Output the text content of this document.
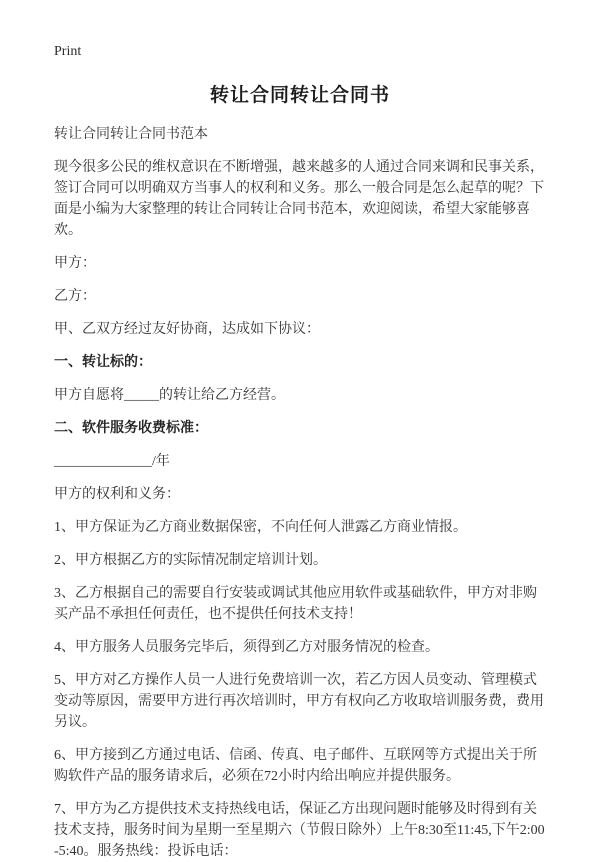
Print
转让合同转让合同书

转让合同转让合同书范本

现今很多公民的维权意识在不断增强，越来越多的人通过合同来调和民事关系，签订合同可以明确双方当事人的权利和义务。那么一般合同是怎么起草的呢？下面是小编为大家整理的转让合同转让合同书范本，欢迎阅读，希望大家能够喜欢。

甲方：

乙方：

甲、乙双方经过友好协商，达成如下协议：

一、转让标的：

甲方自愿将_____的转让给乙方经营。

二、软件服务收费标准：

______________/年

甲方的权利和义务：

1、甲方保证为乙方商业数据保密，不向任何人泄露乙方商业情报。

2、甲方根据乙方的实际情况制定培训计划。

3、乙方根据自己的需要自行安装或调试其他应用软件或基础软件，甲方对非购买产品不承担任何责任，也不提供任何技术支持！

4、甲方服务人员服务完毕后，须得到乙方对服务情况的检查。

5、甲方对乙方操作人员一人进行免费培训一次，若乙方因人员变动、管理模式变动等原因，需要甲方进行再次培训时，甲方有权向乙方收取培训服务费，费用另议。

6、甲方接到乙方通过电话、信函、传真、电子邮件、互联网等方式提出关于所购软件产品的服务请求后，必须在72小时内给出响应并提供服务。

7、甲方为乙方提供技术支持热线电话，保证乙方出现问题时能够及时得到有关技术支持，服务时间为星期一至星期六（节假日除外）上午8:30至11:45,下午2:00-5:40。服务热线：投诉电话：
